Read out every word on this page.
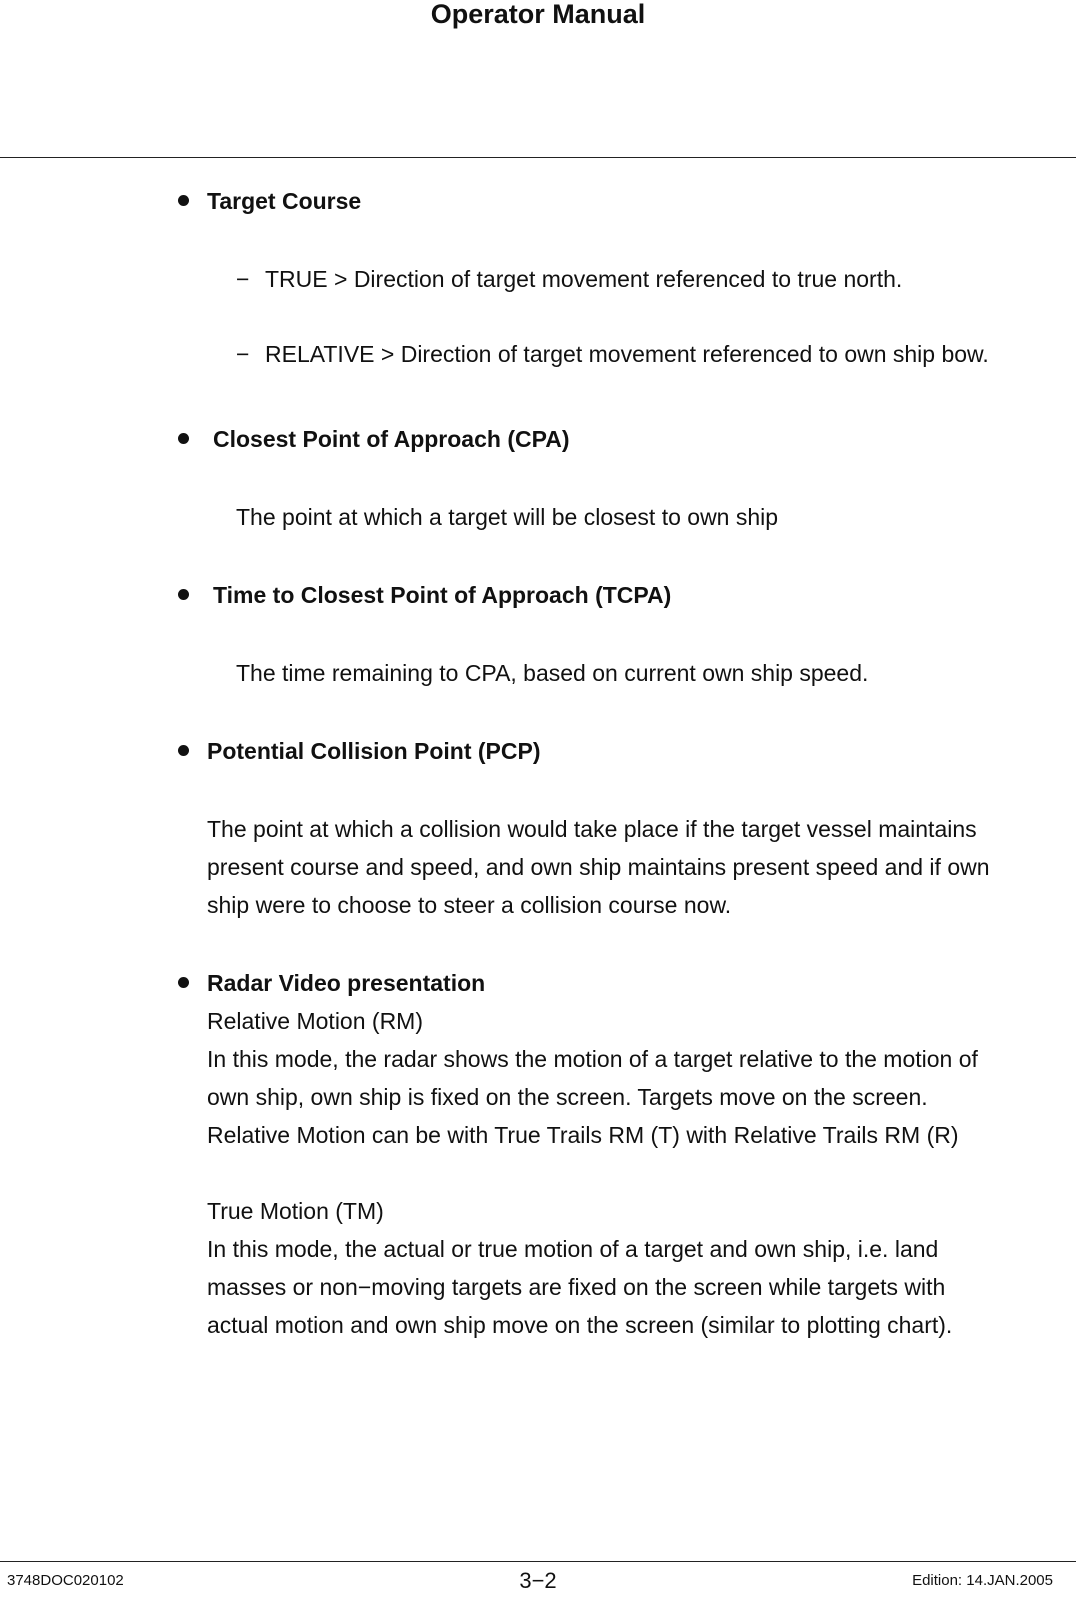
Operator Manual

Target Course

− TRUE > Direction of target movement referenced to true north.

− RELATIVE > Direction of target movement referenced to own ship bow.

Closest Point of Approach (CPA)

The point at which a target will be closest to own ship

Time to Closest Point of Approach (TCPA)

The time remaining to CPA, based on current own ship speed.

Potential Collision Point (PCP)

The point at which a collision would take place if the target vessel maintains

present course and speed, and own ship maintains present speed and if own

ship were to choose to steer a collision course now.

Radar Video presentation

Relative Motion (RM)

In this mode, the radar shows the motion of a target relative to the motion of

own ship, own ship is fixed on the screen. Targets move on the screen.

Relative Motion can be with True Trails RM (T) with Relative Trails RM (R)

True Motion (TM)

In this mode, the actual or true motion of a target and own ship, i.e. land

masses or non−moving targets are fixed on the screen while targets with

actual motion and own ship move on the screen (similar to plotting chart).

3748DOC020102	3−2	Edition: 14.JAN.2005
